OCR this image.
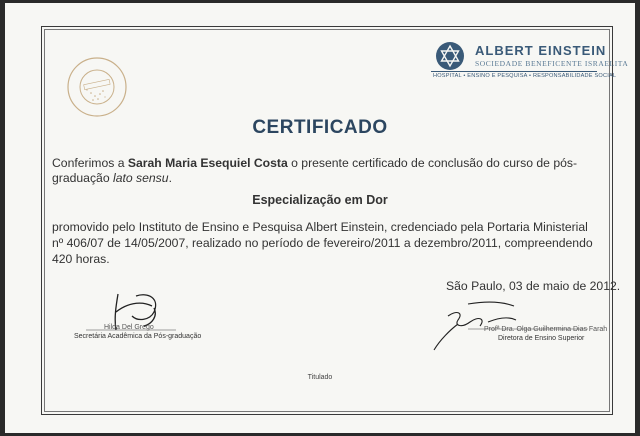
ALBERT EINSTEIN
SOCIEDADE BENEFICENTE ISRAELITA
HOSPITAL • ENSINO E PESQUISA • RESPONSABILIDADE SOCIAL
CERTIFICADO
Conferimos a Sarah Maria Esequiel Costa o presente certificado de conclusão do curso de pós-graduação lato sensu.
Especialização em Dor
promovido pelo Instituto de Ensino e Pesquisa Albert Einstein, credenciado pela Portaria Ministerial nº 406/07 de 14/05/2007, realizado no período de fevereiro/2011 a dezembro/2011, compreendendo 420 horas.
São Paulo, 03 de maio de 2012.
Hilda Del Grego
Secretária Acadêmica da Pós-graduação
Profª Dra. Olga Guilhermina Dias Farah
Diretora de Ensino Superior
Titulado
